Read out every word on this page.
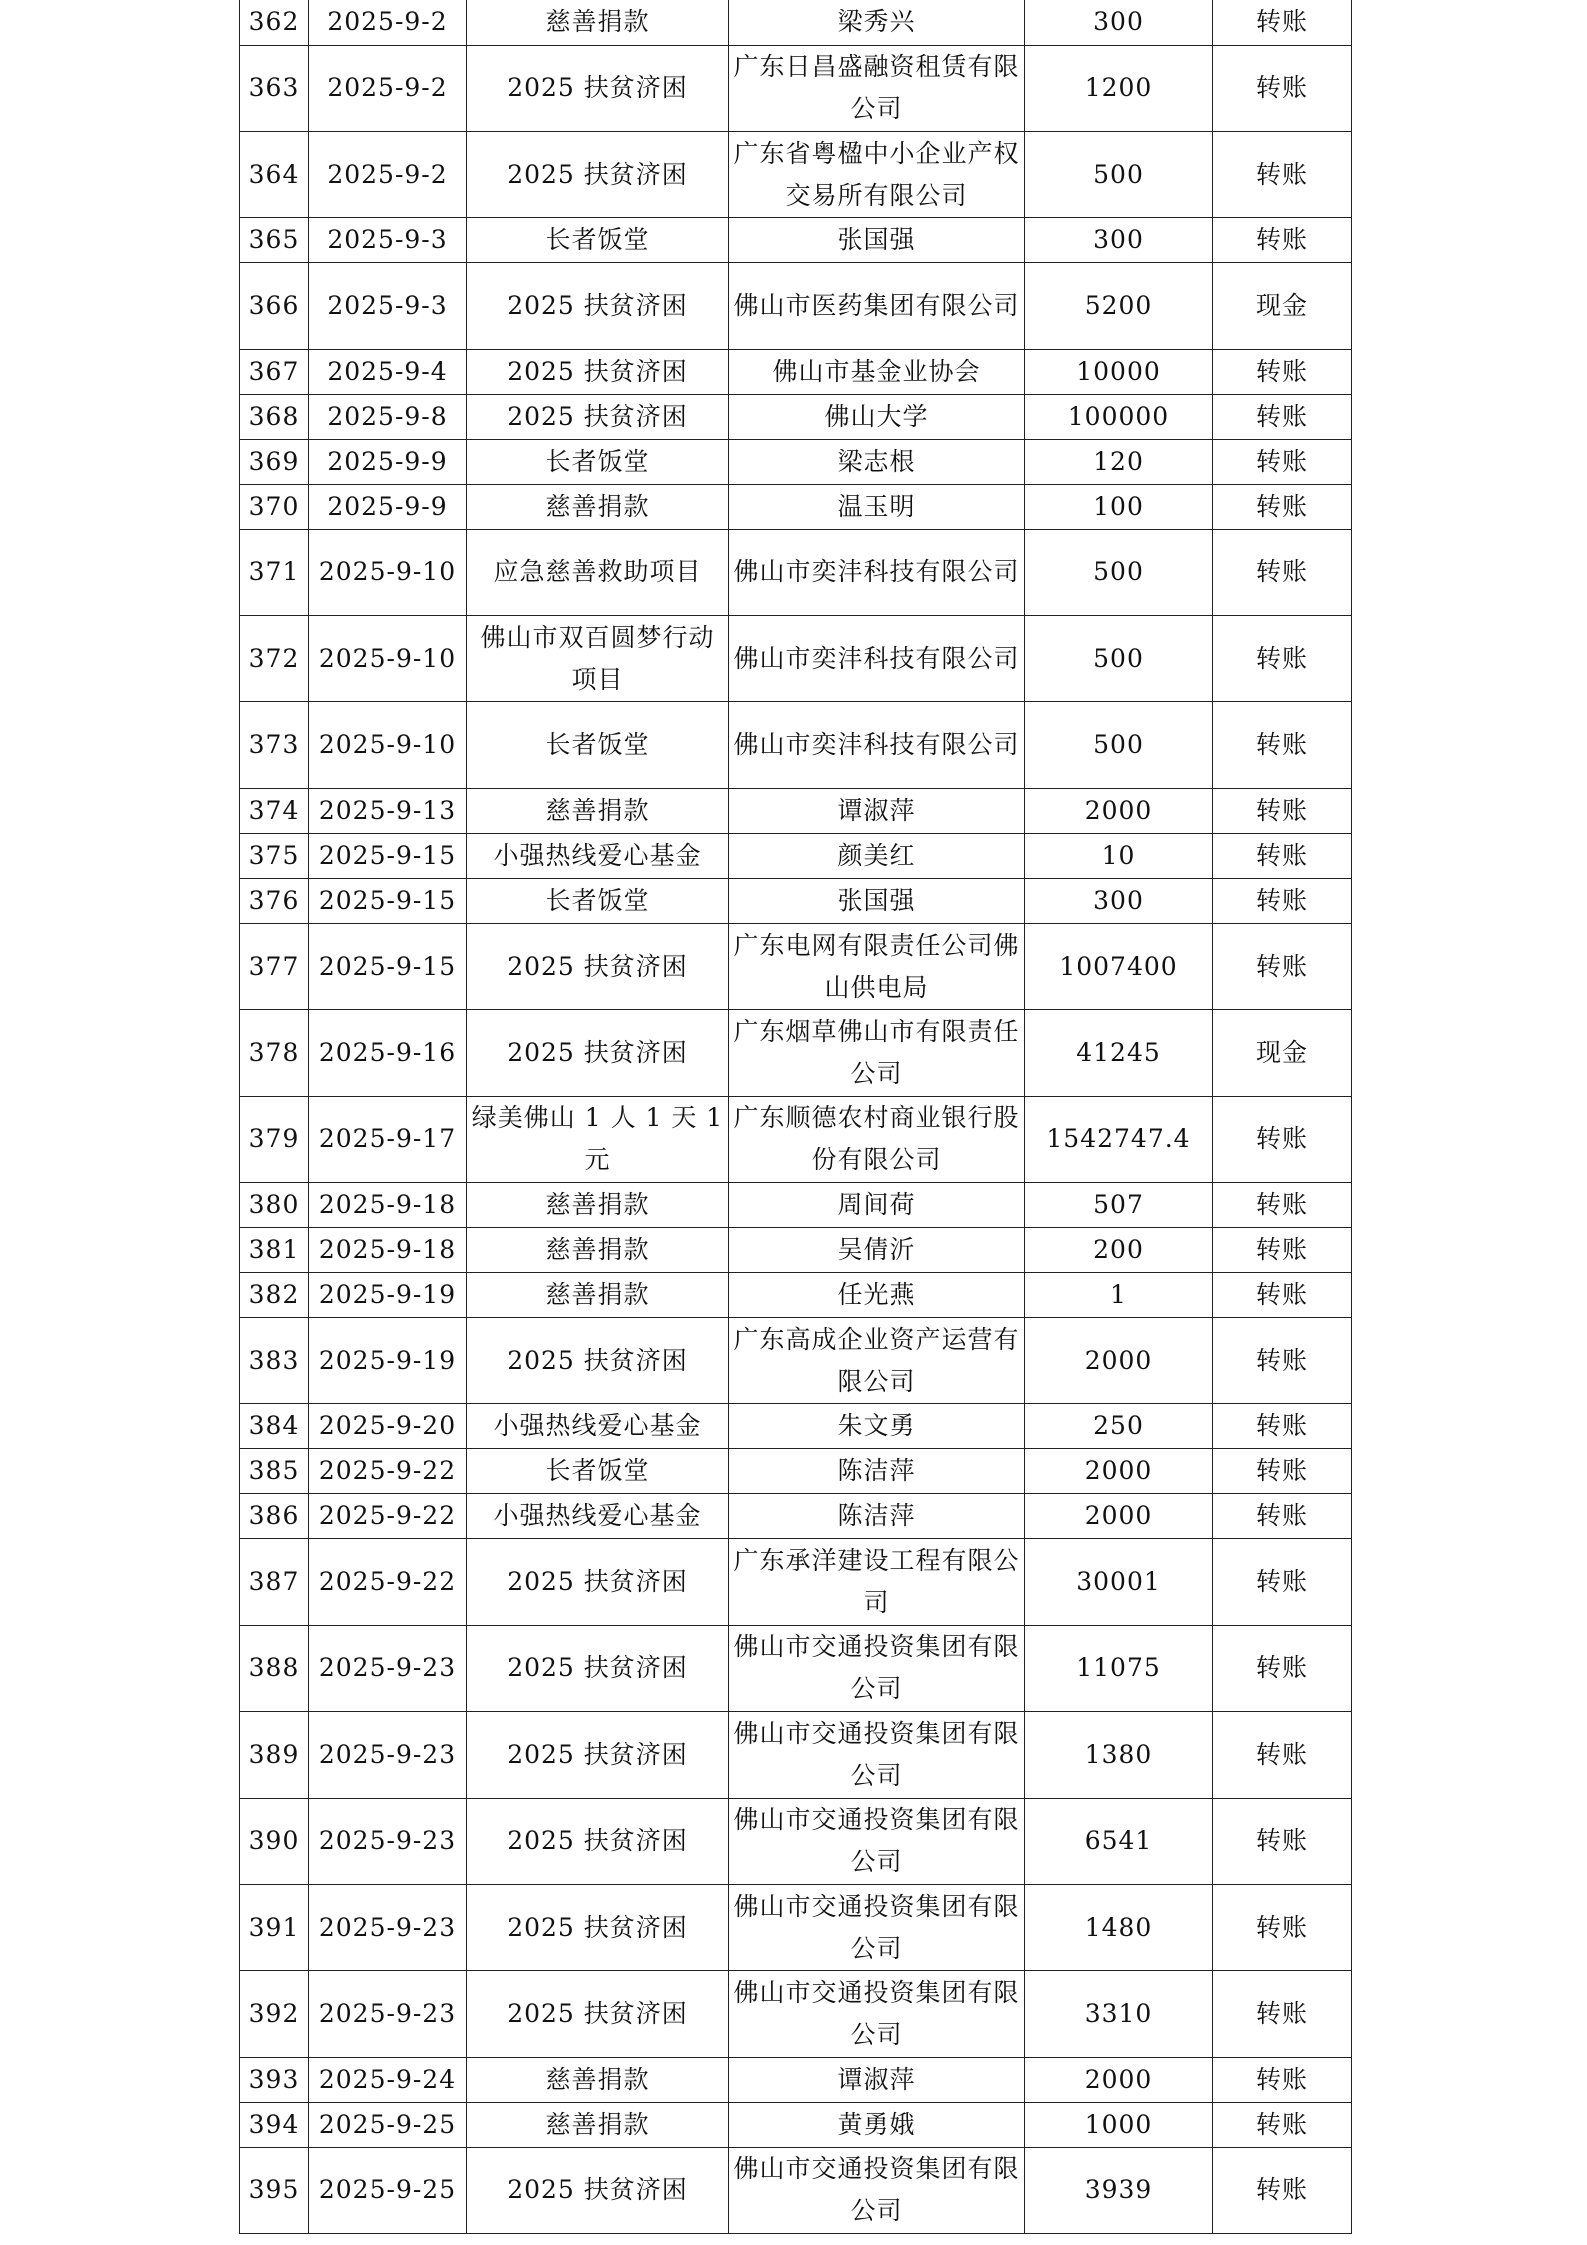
362	2025-9-2	慈善捐款	梁秀兴	300	转账
363	2025-9-2	2025 扶贫济困	广东日昌盛融资租赁有限公司	1200	转账
364	2025-9-2	2025 扶贫济困	广东省粤楹中小企业产权交易所有限公司	500	转账
365	2025-9-3	长者饭堂	张国强	300	转账
366	2025-9-3	2025 扶贫济困	佛山市医药集团有限公司	5200	现金
367	2025-9-4	2025 扶贫济困	佛山市基金业协会	10000	转账
368	2025-9-8	2025 扶贫济困	佛山大学	100000	转账
369	2025-9-9	长者饭堂	梁志根	120	转账
370	2025-9-9	慈善捐款	温玉明	100	转账
371	2025-9-10	应急慈善救助项目	佛山市奕沣科技有限公司	500	转账
372	2025-9-10	佛山市双百圆梦行动项目	佛山市奕沣科技有限公司	500	转账
373	2025-9-10	长者饭堂	佛山市奕沣科技有限公司	500	转账
374	2025-9-13	慈善捐款	谭淑萍	2000	转账
375	2025-9-15	小强热线爱心基金	颜美红	10	转账
376	2025-9-15	长者饭堂	张国强	300	转账
377	2025-9-15	2025 扶贫济困	广东电网有限责任公司佛山供电局	1007400	转账
378	2025-9-16	2025 扶贫济困	广东烟草佛山市有限责任公司	41245	现金
379	2025-9-17	绿美佛山 1 人 1 天 1 元	广东顺德农村商业银行股份有限公司	1542747.4	转账
380	2025-9-18	慈善捐款	周间荷	507	转账
381	2025-9-18	慈善捐款	吴倩沂	200	转账
382	2025-9-19	慈善捐款	任光燕	1	转账
383	2025-9-19	2025 扶贫济困	广东高成企业资产运营有限公司	2000	转账
384	2025-9-20	小强热线爱心基金	朱文勇	250	转账
385	2025-9-22	长者饭堂	陈洁萍	2000	转账
386	2025-9-22	小强热线爱心基金	陈洁萍	2000	转账
387	2025-9-22	2025 扶贫济困	广东承洋建设工程有限公司	30001	转账
388	2025-9-23	2025 扶贫济困	佛山市交通投资集团有限公司	11075	转账
389	2025-9-23	2025 扶贫济困	佛山市交通投资集团有限公司	1380	转账
390	2025-9-23	2025 扶贫济困	佛山市交通投资集团有限公司	6541	转账
391	2025-9-23	2025 扶贫济困	佛山市交通投资集团有限公司	1480	转账
392	2025-9-23	2025 扶贫济困	佛山市交通投资集团有限公司	3310	转账
393	2025-9-24	慈善捐款	谭淑萍	2000	转账
394	2025-9-25	慈善捐款	黄勇娥	1000	转账
395	2025-9-25	2025 扶贫济困	佛山市交通投资集团有限公司	3939	转账
